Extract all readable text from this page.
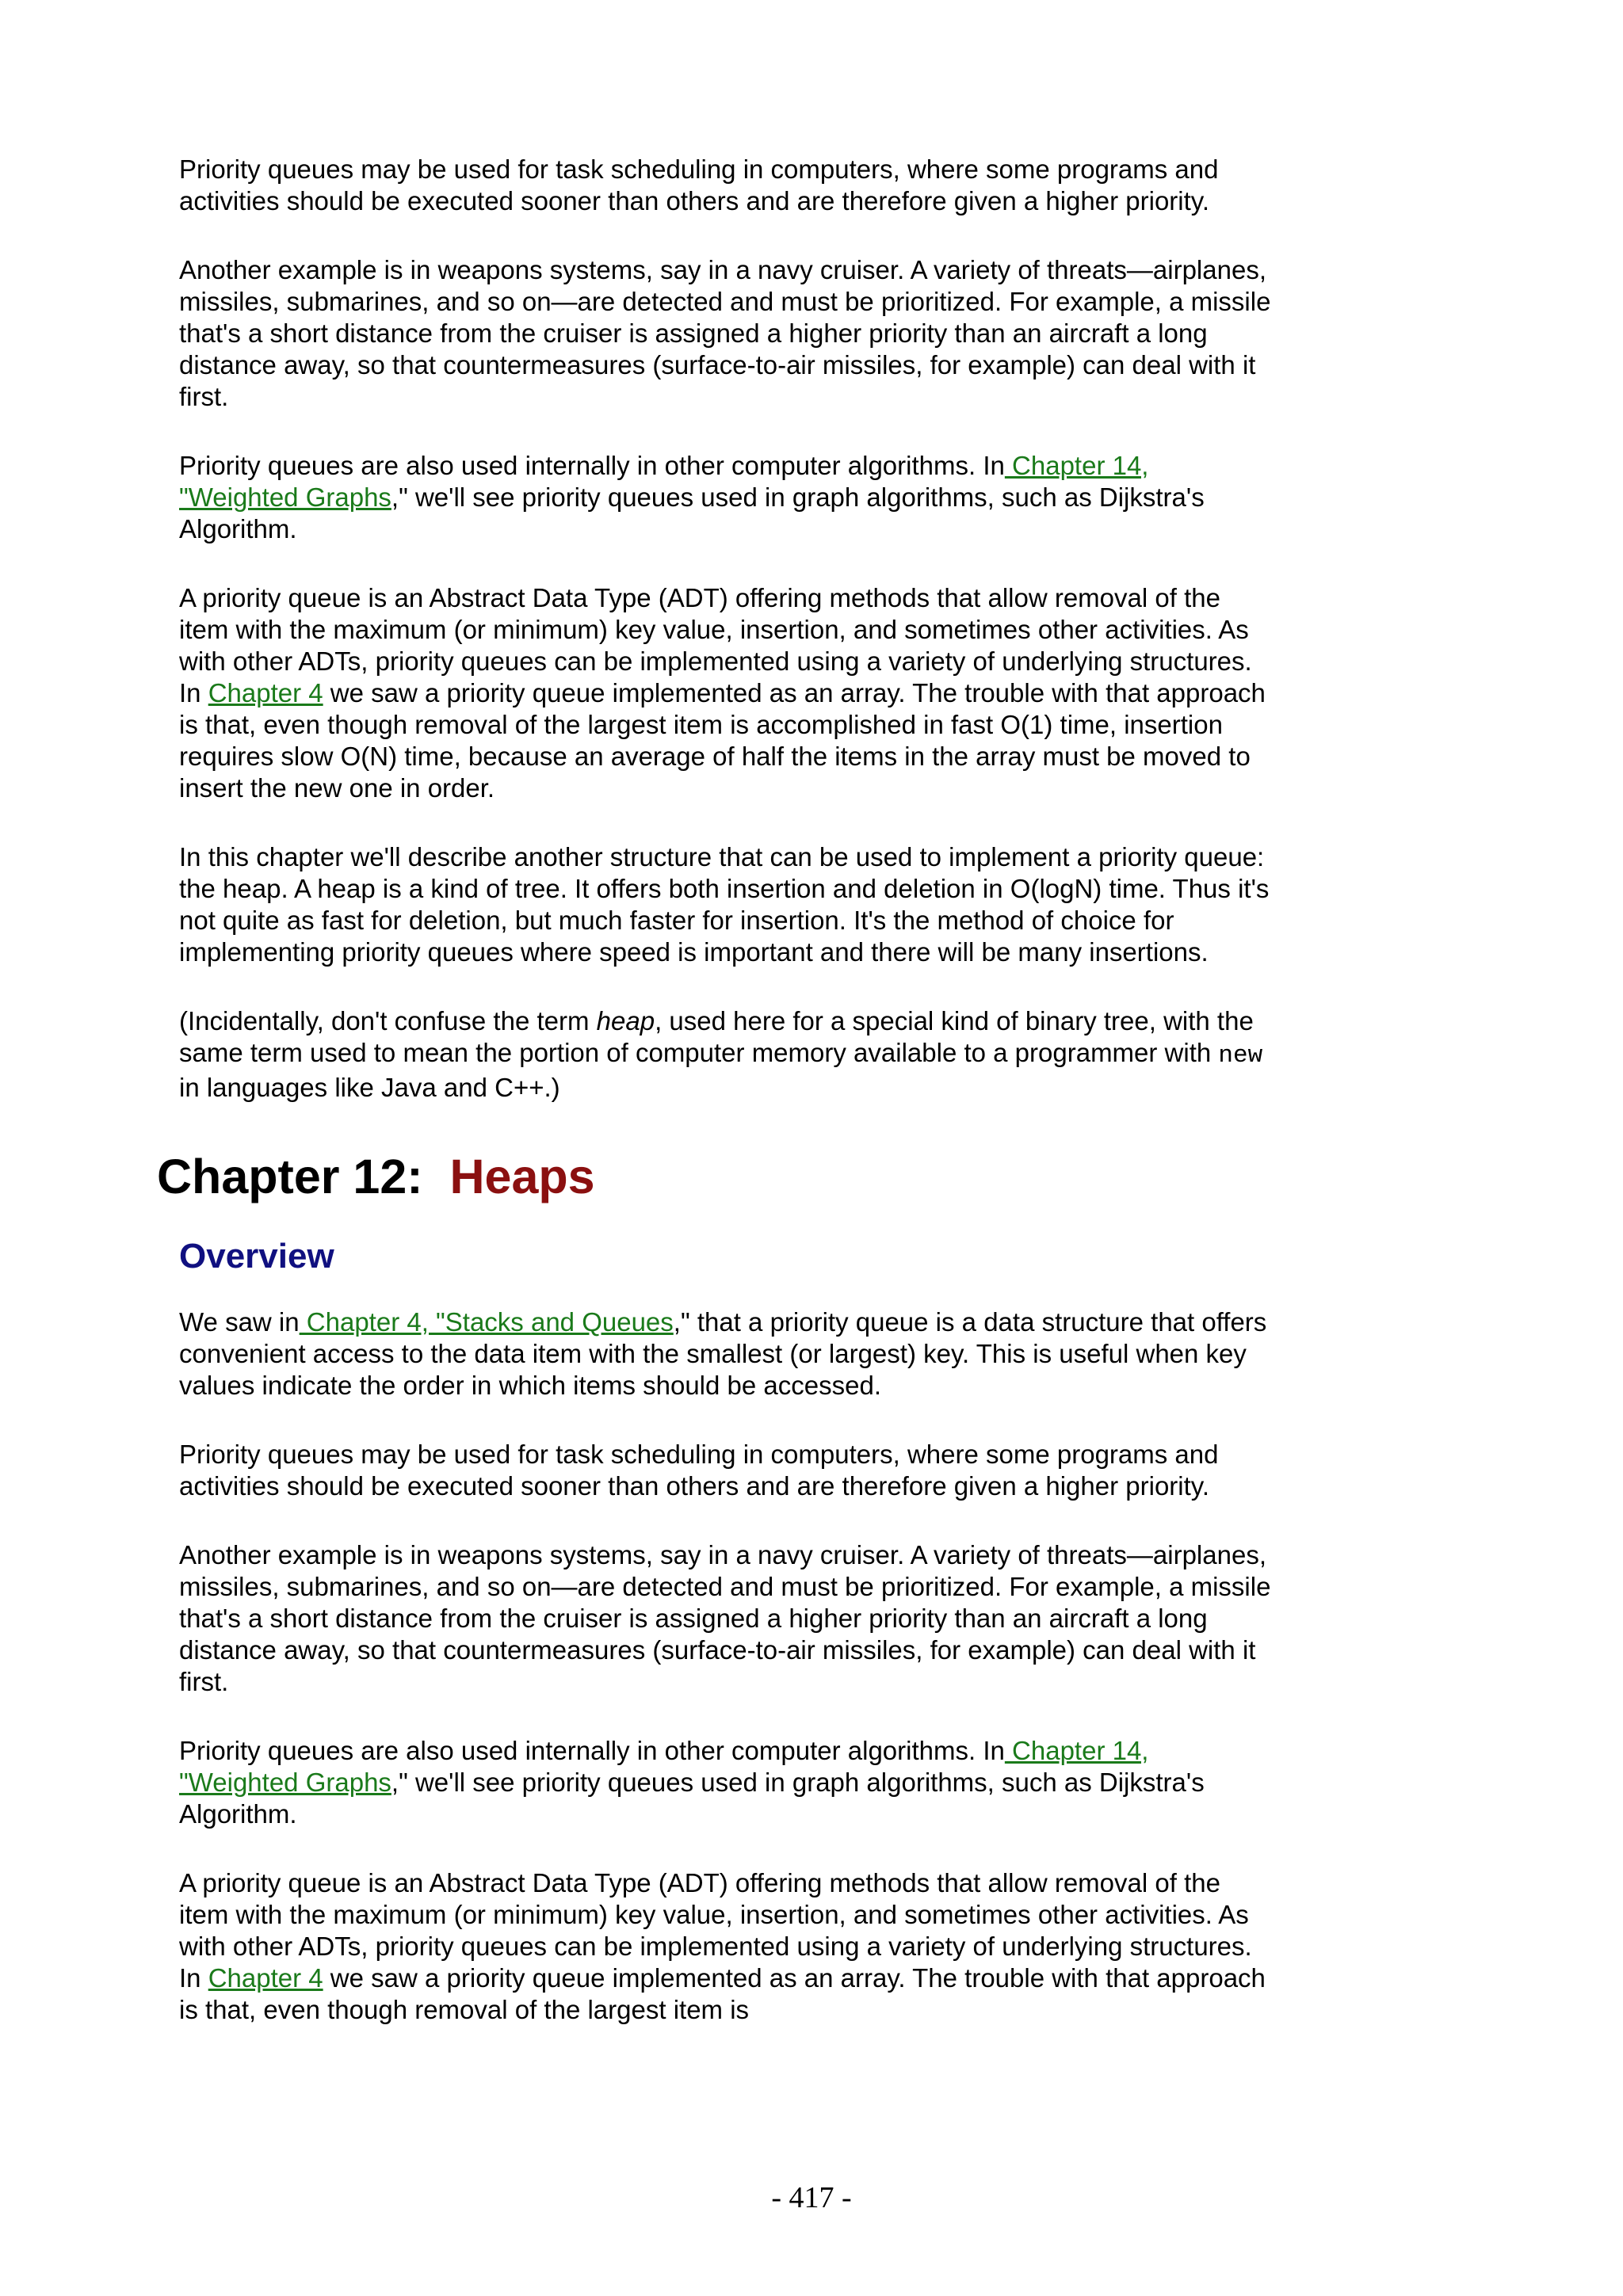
Priority queues may be used for task scheduling in computers, where some programs and activities should be executed sooner than others and are therefore given a higher priority.

Another example is in weapons systems, say in a navy cruiser. A variety of threats—airplanes, missiles, submarines, and so on—are detected and must be prioritized. For example, a missile that's a short distance from the cruiser is assigned a higher priority than an aircraft a long distance away, so that countermeasures (surface-to-air missiles, for example) can deal with it first.

Priority queues are also used internally in other computer algorithms. In Chapter 14, "Weighted Graphs," we'll see priority queues used in graph algorithms, such as Dijkstra's Algorithm.

A priority queue is an Abstract Data Type (ADT) offering methods that allow removal of the item with the maximum (or minimum) key value, insertion, and sometimes other activities. As with other ADTs, priority queues can be implemented using a variety of underlying structures. In Chapter 4 we saw a priority queue implemented as an array. The trouble with that approach is that, even though removal of the largest item is accomplished in fast O(1) time, insertion requires slow O(N) time, because an average of half the items in the array must be moved to insert the new one in order.

In this chapter we'll describe another structure that can be used to implement a priority queue: the heap. A heap is a kind of tree. It offers both insertion and deletion in O(logN) time. Thus it's not quite as fast for deletion, but much faster for insertion. It's the method of choice for implementing priority queues where speed is important and there will be many insertions.

(Incidentally, don't confuse the term heap, used here for a special kind of binary tree, with the same term used to mean the portion of computer memory available to a programmer with new in languages like Java and C++.)

Chapter 12: Heaps
Overview

We saw in Chapter 4, "Stacks and Queues," that a priority queue is a data structure that offers convenient access to the data item with the smallest (or largest) key. This is useful when key values indicate the order in which items should be accessed.

Priority queues may be used for task scheduling in computers, where some programs and activities should be executed sooner than others and are therefore given a higher priority.

Another example is in weapons systems, say in a navy cruiser. A variety of threats—airplanes, missiles, submarines, and so on—are detected and must be prioritized. For example, a missile that's a short distance from the cruiser is assigned a higher priority than an aircraft a long distance away, so that countermeasures (surface-to-air missiles, for example) can deal with it first.

Priority queues are also used internally in other computer algorithms. In Chapter 14, "Weighted Graphs," we'll see priority queues used in graph algorithms, such as Dijkstra's Algorithm.

A priority queue is an Abstract Data Type (ADT) offering methods that allow removal of the item with the maximum (or minimum) key value, insertion, and sometimes other activities. As with other ADTs, priority queues can be implemented using a variety of underlying structures. In Chapter 4 we saw a priority queue implemented as an array. The trouble with that approach is that, even though removal of the largest item is

- 417 -
